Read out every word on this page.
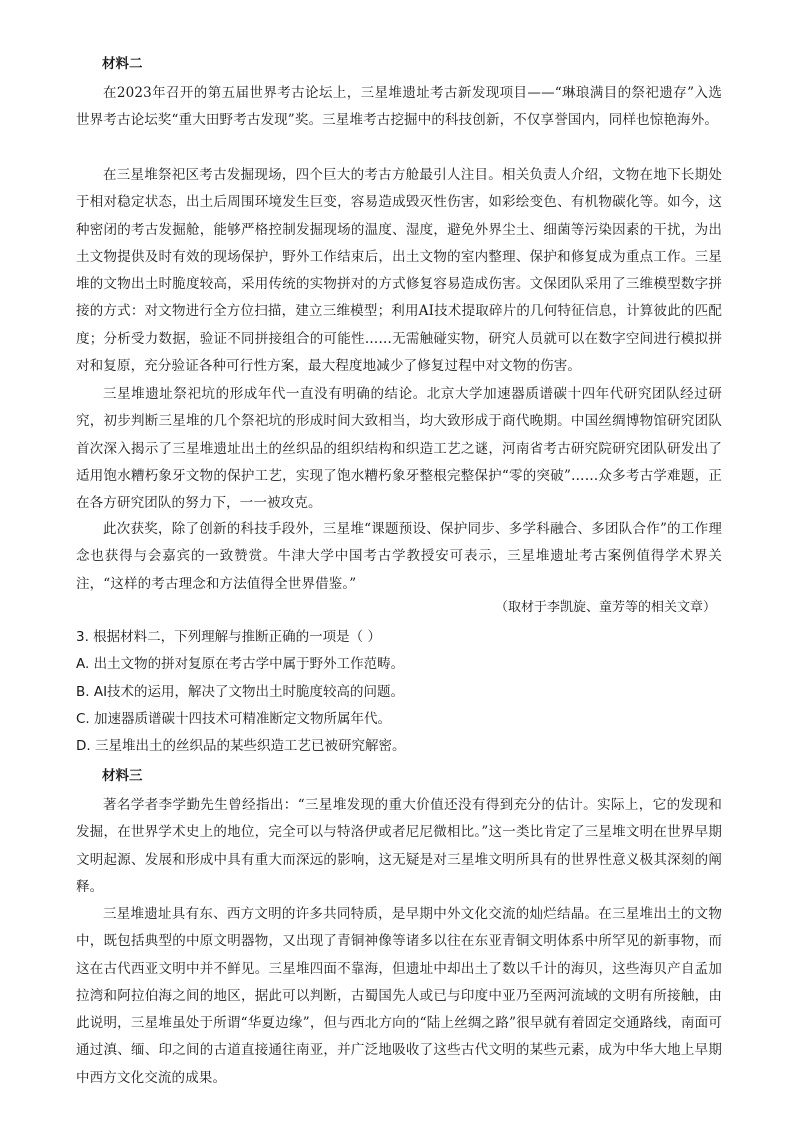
材料二

在2023年召开的第五届世界考古论坛上，三星堆遗址考古新发现项目——“琳琅满目的祭祀遗存”入选世界考古论坛奖“重大田野考古发现”奖。三星堆考古挖掘中的科技创新，不仅享誉国内，同样也惊艳海外。

在三星堆祭祀区考古发掘现场，四个巨大的考古方舱最引人注目。相关负责人介绍，文物在地下长期处于相对稳定状态，出土后周围环境发生巨变，容易造成毁灭性伤害，如彩绘变色、有机物碳化等。如今，这种密闭的考古发掘舱，能够严格控制发掘现场的温度、湿度，避免外界尘土、细菌等污染因素的干扰，为出土文物提供及时有效的现场保护，野外工作结束后，出土文物的室内整理、保护和修复成为重点工作。三星堆的文物出土时脆度较高，采用传统的实物拼对的方式修复容易造成伤害。文保团队采用了三维模型数字拼接的方式：对文物进行全方位扫描，建立三维模型；利用AI技术提取碎片的几何特征信息，计算彼此的匹配度；分析受力数据，验证不同拼接组合的可能性……无需触碰实物，研究人员就可以在数字空间进行模拟拼对和复原，充分验证各种可行性方案，最大程度地减少了修复过程中对文物的伤害。

三星堆遗址祭祀坑的形成年代一直没有明确的结论。北京大学加速器质谱碳十四年代研究团队经过研究，初步判断三星堆的几个祭祀坑的形成时间大致相当，均大致形成于商代晚期。中国丝绸博物馆研究团队首次深入揭示了三星堆遗址出土的丝织品的组织结构和织造工艺之谜，河南省考古研究院研究团队研发出了适用饱水糟朽象牙文物的保护工艺，实现了饱水糟朽象牙整根完整保护“零的突破”……众多考古学难题，正在各方研究团队的努力下，一一被攻克。

此次获奖，除了创新的科技手段外，三星堆“课题预设、保护同步、多学科融合、多团队合作”的工作理念也获得与会嘉宾的一致赞赏。牛津大学中国考古学教授安可表示，三星堆遗址考古案例值得学术界关注，“这样的考古理念和方法值得全世界借鉴。”

（取材于李凯旋、童芳等的相关文章）
3. 根据材料二，下列理解与推断正确的一项是（ ）
A. 出土文物的拼对复原在考古学中属于野外工作范畴。
B. AI技术的运用，解决了文物出土时脆度较高的问题。
C. 加速器质谱碳十四技术可精准断定文物所属年代。
D. 三星堆出土的丝织品的某些织造工艺已被研究解密。
材料三

著名学者李学勤先生曾经指出：“三星堆发现的重大价值还没有得到充分的估计。实际上，它的发现和发掘，在世界学术史上的地位，完全可以与特洛伊或者尼尼微相比。”这一类比肯定了三星堆文明在世界早期文明起源、发展和形成中具有重大而深远的影响，这无疑是对三星堆文明所具有的世界性意义极其深刻的阐释。

三星堆遗址具有东、西方文明的许多共同特质，是早期中外文化交流的灿烂结晶。在三星堆出土的文物中，既包括典型的中原文明器物，又出现了青铜神像等诸多以往在东亚青铜文明体系中所罕见的新事物，而这在古代西亚文明中并不鲜见。三星堆四面不靠海，但遗址中却出土了数以千计的海贝，这些海贝产自孟加拉湾和阿拉伯海之间的地区，据此可以判断，古蜀国先人或已与印度中亚乃至两河流域的文明有所接触，由此说明，三星堆虽处于所谓“华夏边缘”，但与西北方向的“陆上丝绸之路”很早就有着固定交通路线，南面可通过滇、缅、印之间的古道直接通往南亚，并广泛地吸收了这些古代文明的某些元素，成为中华大地上早期中西方文化交流的成果。
